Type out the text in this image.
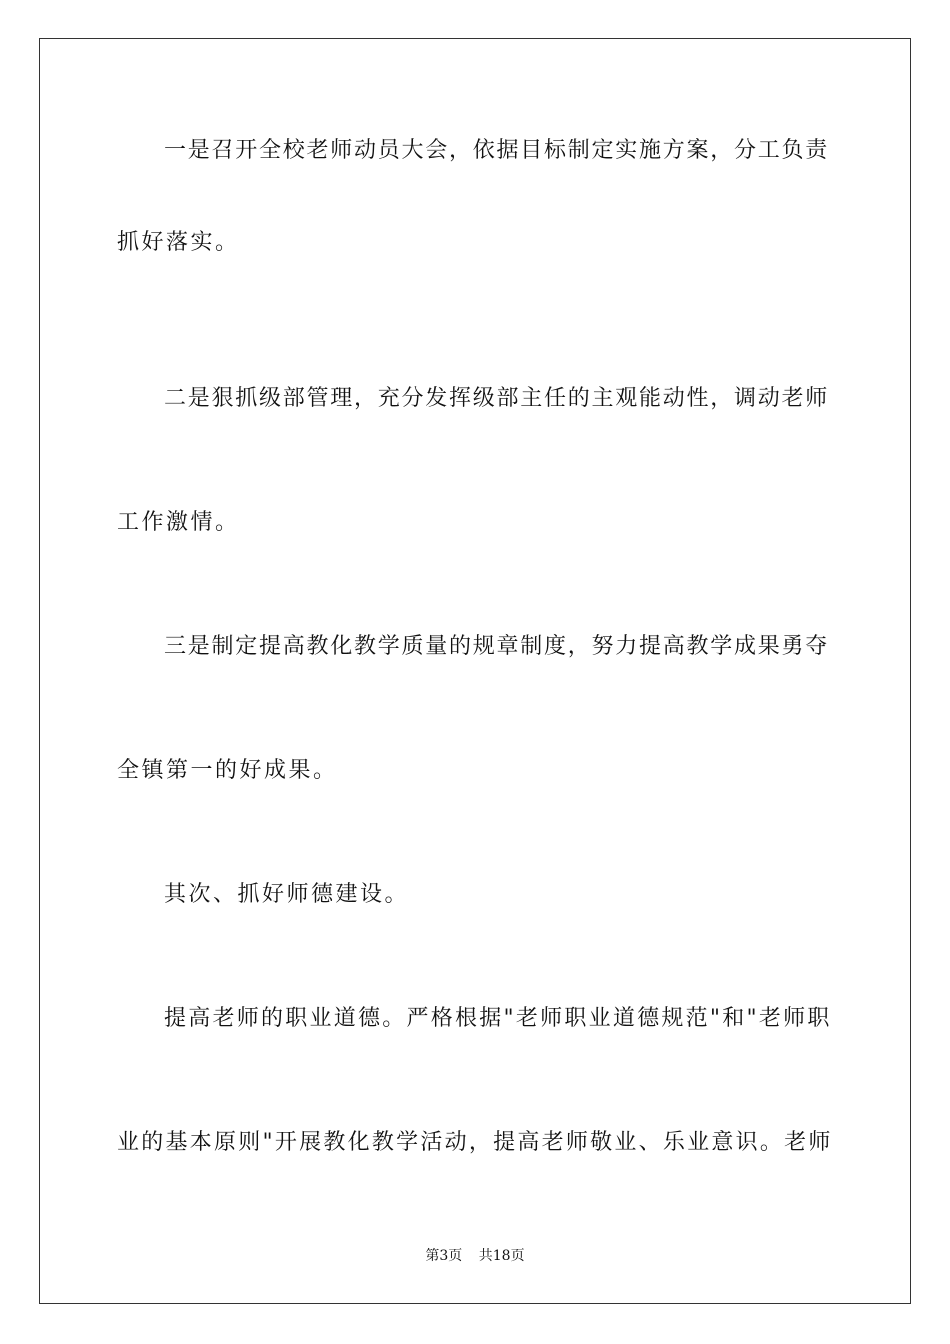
一是召开全校老师动员大会，依据目标制定实施方案，分工负责
抓好落实。
二是狠抓级部管理，充分发挥级部主任的主观能动性，调动老师
工作激情。
三是制定提高教化教学质量的规章制度，努力提高教学成果勇夺
全镇第一的好成果。
其次、抓好师德建设。
提高老师的职业道德。严格根据"老师职业道德规范"和"老师职
业的基本原则"开展教化教学活动，提高老师敬业、乐业意识。老师
第3页 共18页
